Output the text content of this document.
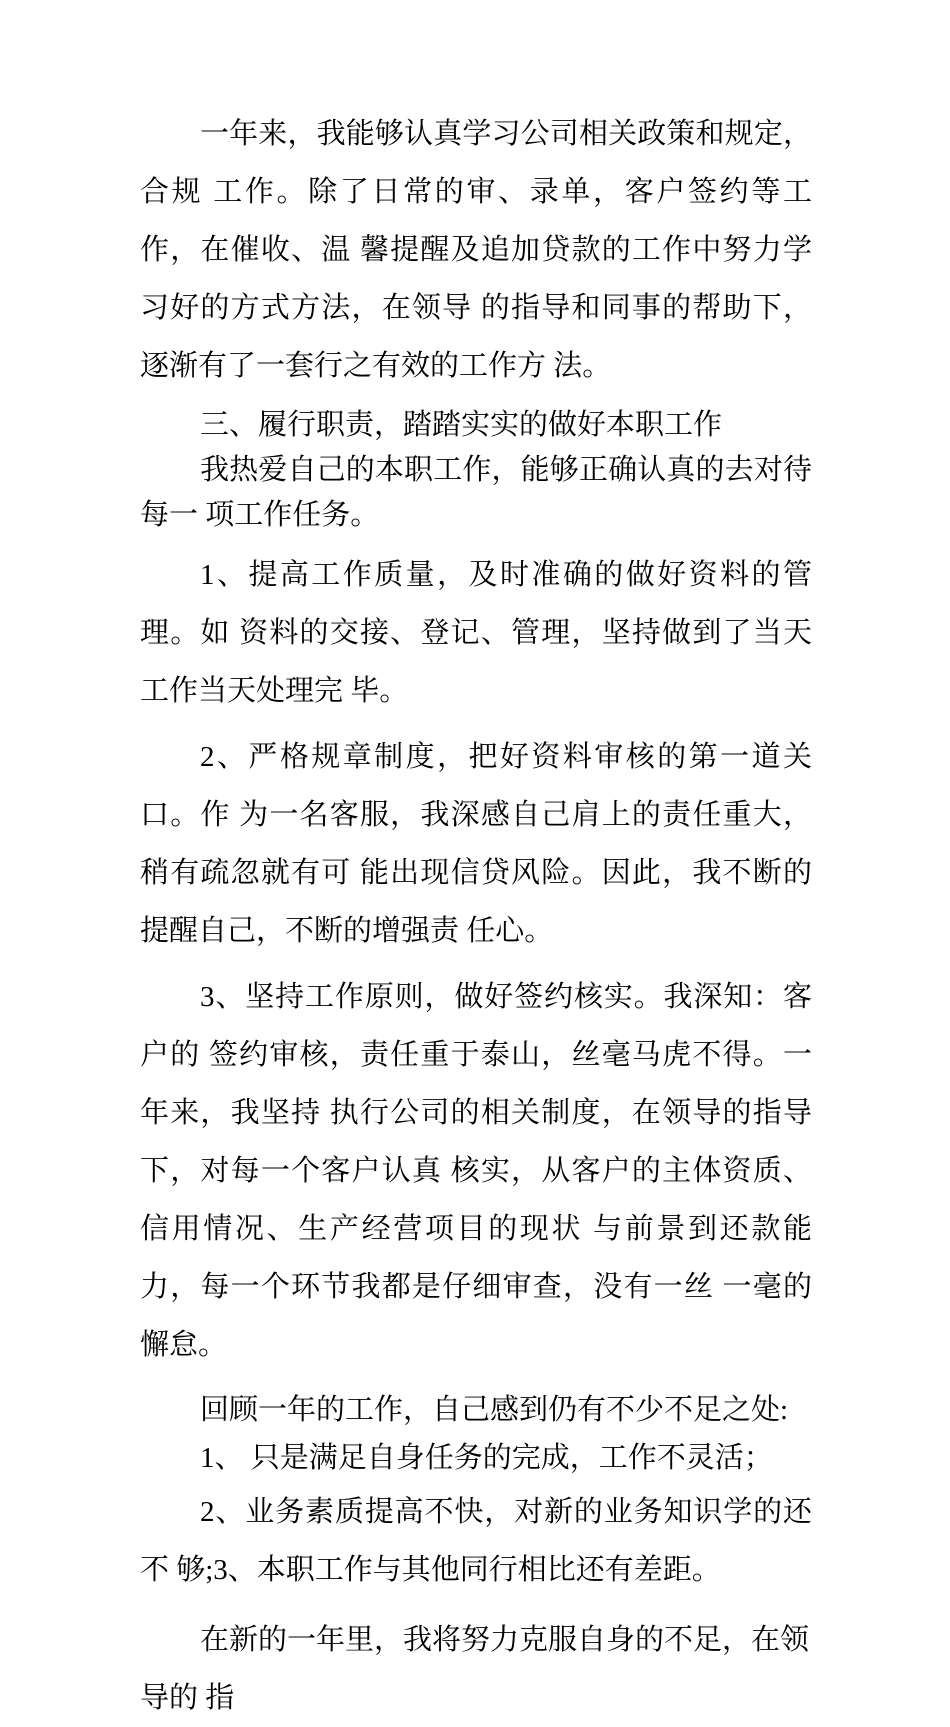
一年来，我能够认真学习公司相关政策和规定，合规 工作。除了日常的审、录单，客户签约等工作，在催收、温 馨提醒及追加贷款的工作中努力学习好的方式方法，在领导 的指导和同事的帮助下，逐渐有了一套行之有效的工作方 法。

三、履行职责，踏踏实实的做好本职工作

我热爱自己的本职工作，能够正确认真的去对待每一 项工作任务。

1、提高工作质量，及时准确的做好资料的管理。如 资料的交接、登记、管理，坚持做到了当天工作当天处理完 毕。

2、严格规章制度，把好资料审核的第一道关口。作 为一名客服，我深感自己肩上的责任重大，稍有疏忽就有可 能出现信贷风险。因此，我不断的提醒自己，不断的增强责 任心。

3、坚持工作原则，做好签约核实。我深知：客户的 签约审核，责任重于泰山，丝毫马虎不得。一年来，我坚持 执行公司的相关制度，在领导的指导下，对每一个客户认真 核实，从客户的主体资质、信用情况、生产经营项目的现状 与前景到还款能力，每一个环节我都是仔细审查，没有一丝 一毫的懈怠。

回顾一年的工作，自己感到仍有不少不足之处:

1、 只是满足自身任务的完成，工作不灵活；

2、业务素质提高不快，对新的业务知识学的还不 够;3、本职工作与其他同行相比还有差距。

在新的一年里，我将努力克服自身的不足，在领导的 指
